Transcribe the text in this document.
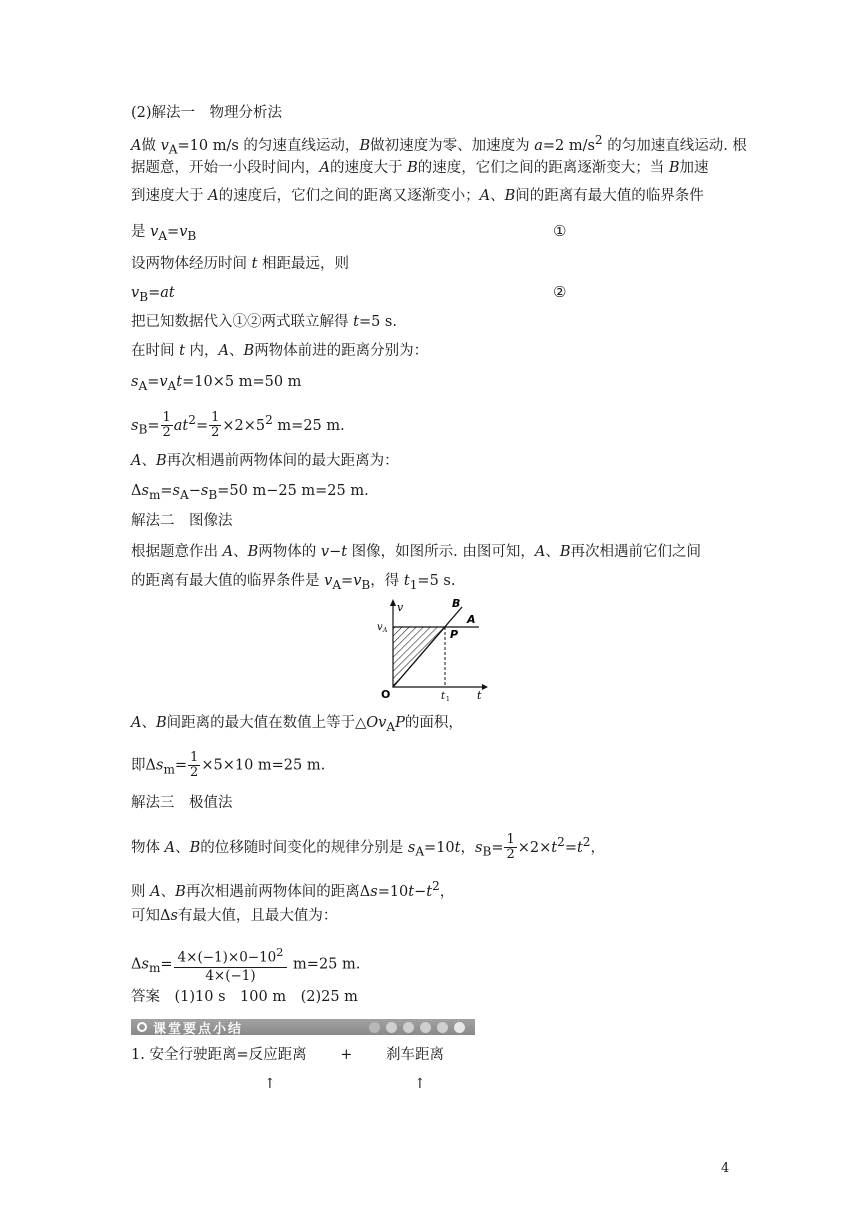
(2)解法一　物理分析法
A做 $v_A=10$ m/s 的匀速直线运动，B做初速度为零、加速度为 a=2 $m/s^2$ 的匀加速直线运动. 根
据题意，开始一小段时间内，A的速度大于 B的速度，它们之间的距离逐渐变大；当 B加速
到速度大于 A的速度后，它们之间的距离又逐渐变小；A、B间的距离有最大值的临界条件
是 $v_A=v_B$
设两物体经历时间 t 相距最远，则
$v_B=at$
把已知数据代入①②两式联立解得 t=5 s.
在时间 t 内，A、B两物体前进的距离分别为：
$s_A=v_At=10\times 5$ m=50 m
$s_B= \frac{1}{2} at^2= \frac{1}{2} \times 2\times 5^2$ m=25 m.
A、B再次相遇前两物体间的最大距离为：
$\Delta s_m=s_A-s_B=50$ m−25 m=25 m.
解法二　图像法
根据题意作出 A、B两物体的 v−t 图像，如图所示. 由图可知，A、B再次相遇前它们之间
的距离有最大值的临界条件是 $v_A=v_B$，得 $t_1=5$ s.
A、B间距离的最大值在数值上等于$\triangle Ov_AP$的面积，
即$\Delta s_m= \frac{1}{2} \times 5\times 10$ m=25 m.
解法三　极值法
物体 A、B的位移随时间变化的规律分别是 $s_A=10t$，$s_B= \frac{1}{2} \times 2\times t^2=t^2$，
则 A、B再次相遇前两物体间的距离$\Delta s=10t-t^2$，
可知Δs有最大值，且最大值为：
$\Delta s_m= \frac{4\times(-1)\times 0-10^2}{4\times(-1)} m=25$ m.
答案　(1)10 s　100 m　(2)25 m
1. 安全行驶距离=反应距离　　 +　　 刹车距离
①
②
v
t
v A
O	t 1
A
B
P
课堂要点小结
↑	↑
4
